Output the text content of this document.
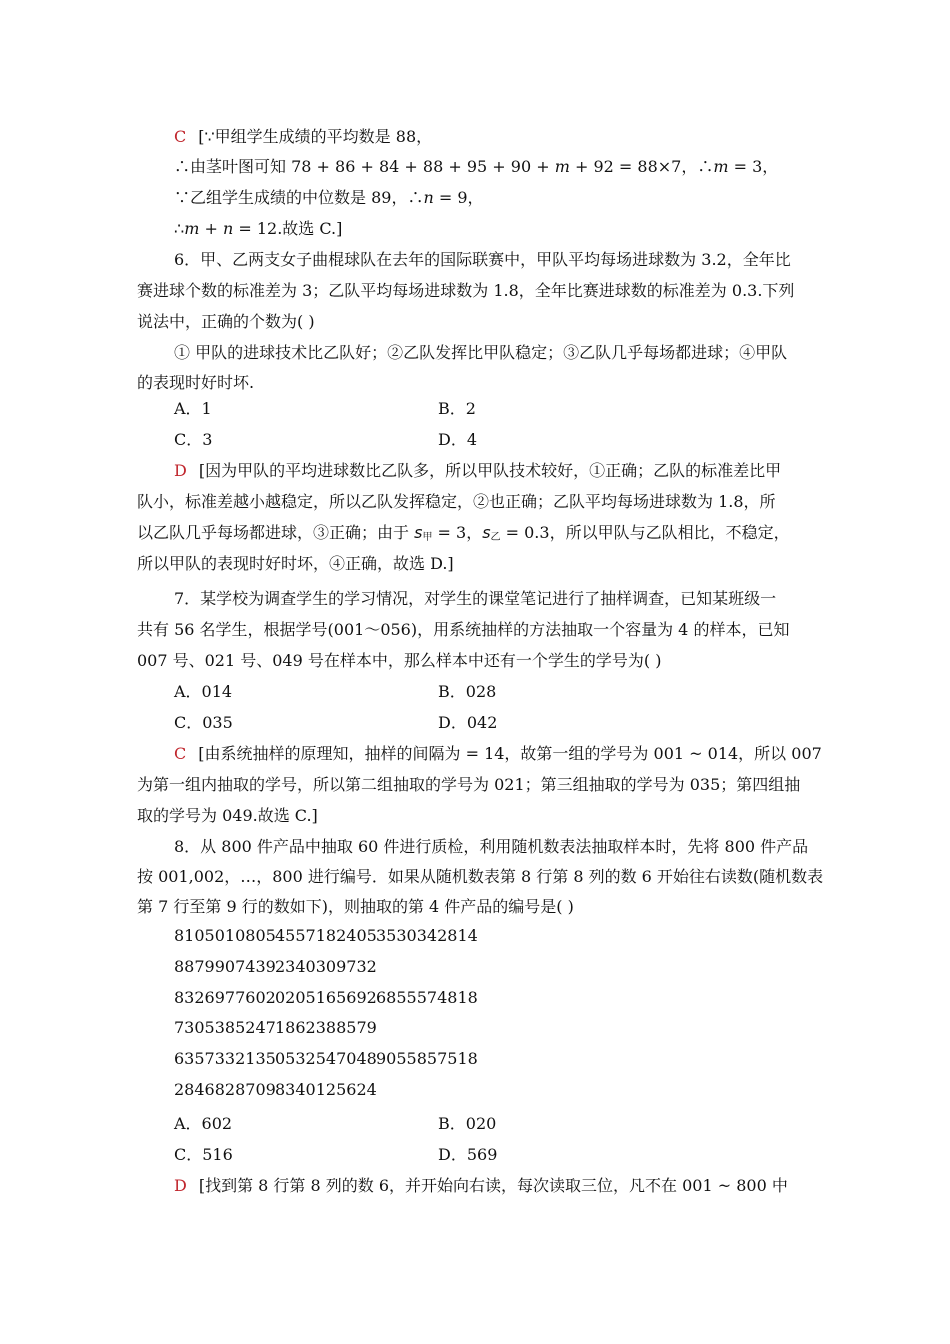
C [∵甲组学生成绩的平均数是 88，
∴由茎叶图可知 78 + 86 + 84 + 88 + 95 + 90 + m + 92 = 88×7，∴m = 3，
∵乙组学生成绩的中位数是 89，∴n = 9，
∴m + n = 12.故选 C.]
6．甲、乙两支女子曲棍球队在去年的国际联赛中，甲队平均每场进球数为 3.2，全年比
赛进球个数的标准差为 3；乙队平均每场进球数为 1.8，全年比赛进球数的标准差为 0.3.下列
说法中，正确的个数为( )
① 甲队的进球技术比乙队好；②乙队发挥比甲队稳定；③乙队几乎每场都进球；④甲队
的表现时好时坏.
A．1	B．2
C．3	D．4
D [因为甲队的平均进球数比乙队多，所以甲队技术较好，①正确；乙队的标准差比甲
队小，标准差越小越稳定，所以乙队发挥稳定，②也正确；乙队平均每场进球数为 1.8，所
以乙队几乎每场都进球，③正确；由于 $s_甲 = 3$，$s_乙 = 0.3$，所以甲队与乙队相比，不稳定，
所以甲队的表现时好时坏，④正确，故选 D.]
7．某学校为调查学生的学习情况，对学生的课堂笔记进行了抽样调查，已知某班级一
共有 56 名学生，根据学号(001～056)，用系统抽样的方法抽取一个容量为 4 的样本，已知
007 号、021 号、049 号在样本中，那么样本中还有一个学生的学号为( )
A．014	B．028
C．035	D．042
C [由系统抽样的原理知，抽样的间隔为 = 14，故第一组的学号为 001 ~ 014，所以 007
为第一组内抽取的学号，所以第二组抽取的学号为 021；第三组抽取的学号为 035；第四组抽
取的学号为 049.故选 C.]
8．从 800 件产品中抽取 60 件进行质检，利用随机数表法抽取样本时，先将 800 件产品
按 001,002，…，800 进行编号．如果从随机数表第 8 行第 8 列的数 6 开始往右读数(随机数表
第 7 行至第 9 行的数如下)，则抽取的第 4 件产品的编号是( )
8105010805 4557182405 3530342814
8879907439 2340309732
8326977602 0205165692 6855574818
7305385247 1862388579
6357332135 0532547048 9055857518
2846828709 8340125624
A．602	B．020
C．516	D．569
D [找到第 8 行第 8 列的数 6，并开始向右读，每次读取三位，凡不在 001 ~ 800 中
